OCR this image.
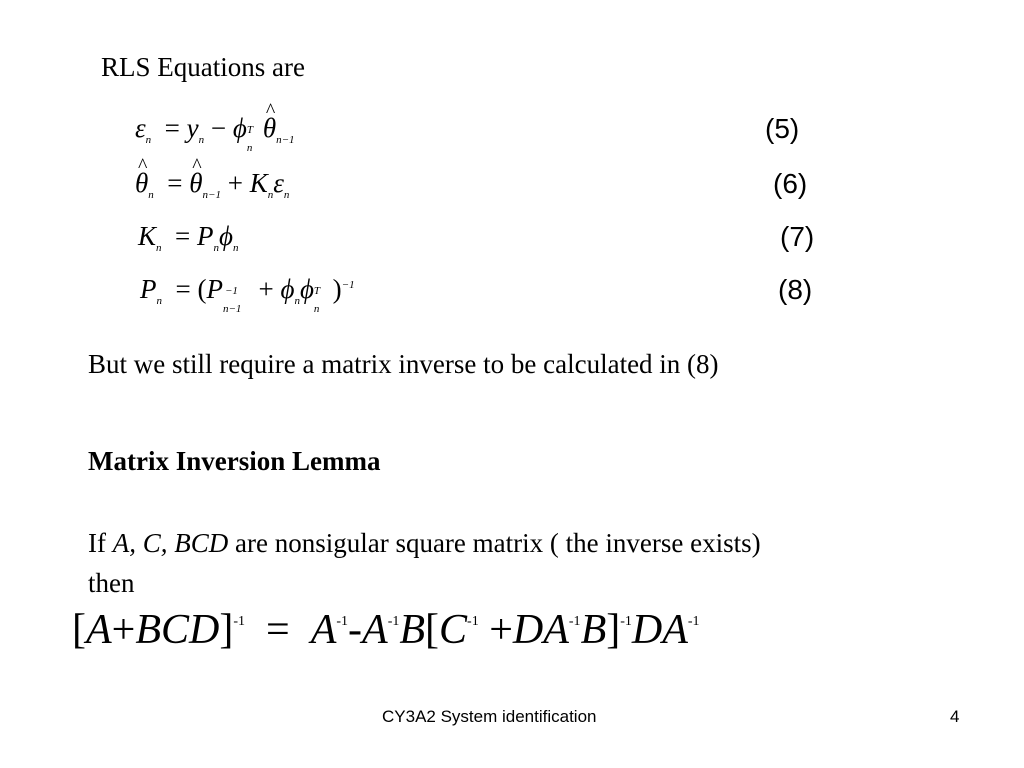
RLS Equations are
$\varepsilon_n = y_n - \phi$ T
n
^ $\theta_{n-1}$	(5)
^ $\theta_n$  = ^ $\theta_{n-1} + K_n\varepsilon_n$	(6)
$K_n = P_n\phi_n$	(7)
$P_n = (P -1$
n−1
+ $\phi_n\phi$ T
n
)$^{-1}$	(8)
But we still require a matrix inverse to be calculated in (8)
Matrix Inversion Lemma
If A, C, BCD are nonsigular square matrix ( the inverse exists)
then
$[A+BCD]^{-1} = A^{-1}-A^{-1}B[C^{-1} +DA^{-1}B]^{-1}DA^{-1}$
CY3A2 System identification	4
